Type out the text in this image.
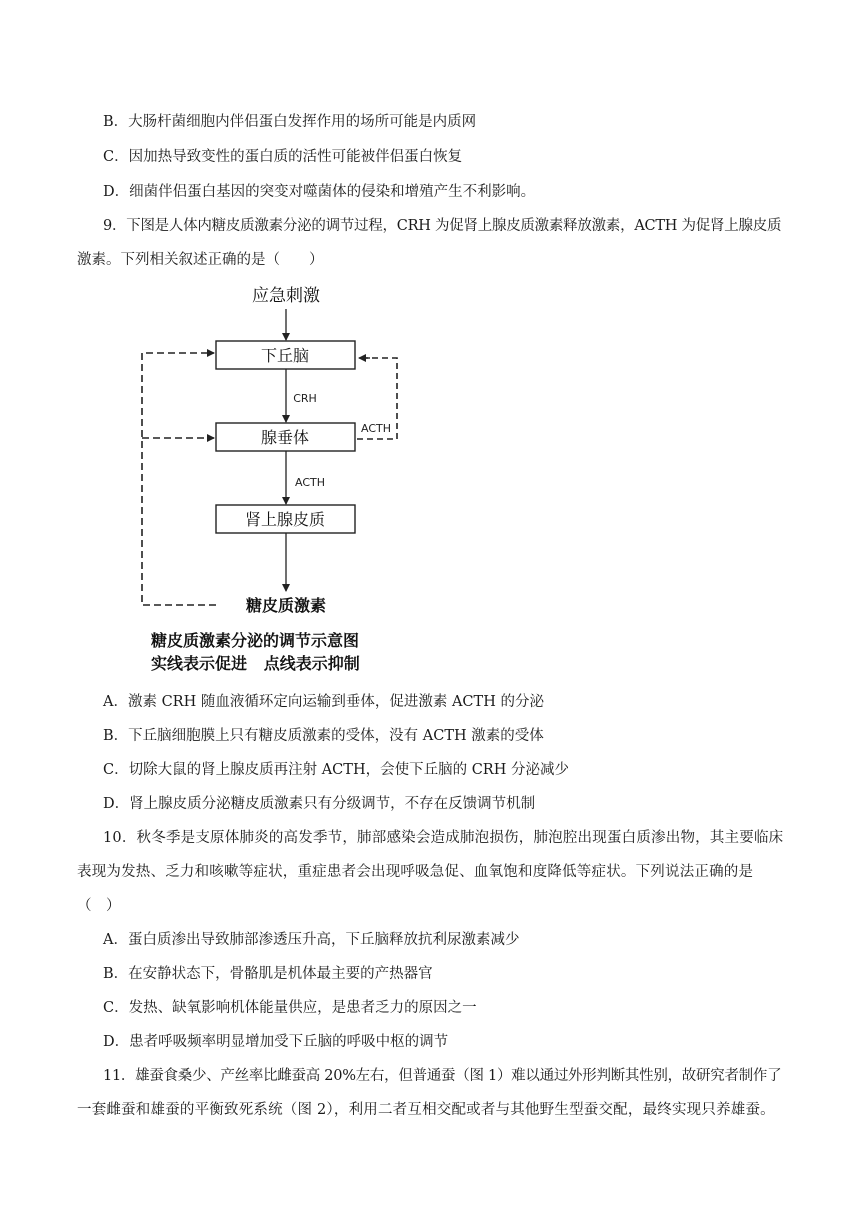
B．大肠杆菌细胞内伴侣蛋白发挥作用的场所可能是内质网
C．因加热导致变性的蛋白质的活性可能被伴侣蛋白恢复
D．细菌伴侣蛋白基因的突变对噬菌体的侵染和增殖产生不利影响。
9．下图是人体内糖皮质激素分泌的调节过程，CRH 为促肾上腺皮质激素释放激素，ACTH 为促肾上腺皮质
激素。下列相关叙述正确的是（　　）
应急刺激
下丘脑
CRH
腺垂体
ACTH
肾上腺皮质
糖皮质激素
ACTH
糖皮质激素分泌的调节示意图
实线表示促进   点线表示抑制
A．激素 CRH 随血液循环定向运输到垂体，促进激素 ACTH 的分泌
B．下丘脑细胞膜上只有糖皮质激素的受体，没有 ACTH 激素的受体
C．切除大鼠的肾上腺皮质再注射 ACTH，会使下丘脑的 CRH 分泌减少
D．肾上腺皮质分泌糖皮质激素只有分级调节，不存在反馈调节机制
10．秋冬季是支原体肺炎的高发季节，肺部感染会造成肺泡损伤，肺泡腔出现蛋白质渗出物，其主要临床
表现为发热、乏力和咳嗽等症状，重症患者会出现呼吸急促、血氧饱和度降低等症状。下列说法正确的是
（　）
A．蛋白质渗出导致肺部渗透压升高，下丘脑释放抗利尿激素减少
B．在安静状态下，骨骼肌是机体最主要的产热器官
C．发热、缺氧影响机体能量供应，是患者乏力的原因之一
D．患者呼吸频率明显增加受下丘脑的呼吸中枢的调节
11．雄蚕食桑少、产丝率比雌蚕高 20%左右，但普通蚕（图 1）难以通过外形判断其性别，故研究者制作了
一套雌蚕和雄蚕的平衡致死系统（图 2），利用二者互相交配或者与其他野生型蚕交配，最终实现只养雄蚕。
